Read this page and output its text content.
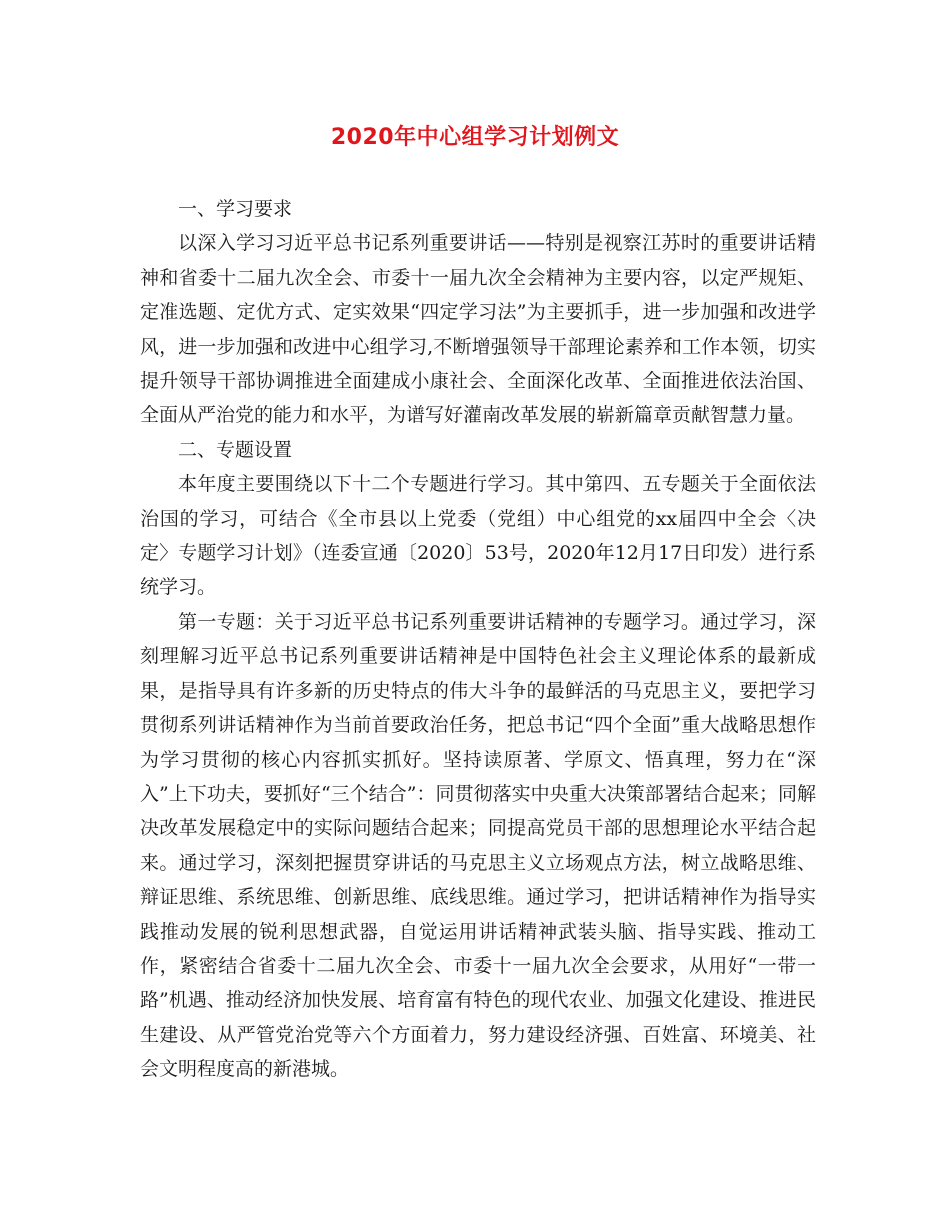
2020年中心组学习计划例文

一、学习要求

以深入学习习近平总书记系列重要讲话——特别是视察江苏时的重要讲话精神和省委十二届九次全会、市委十一届九次全会精神为主要内容，以定严规矩、定准选题、定优方式、定实效果“四定学习法”为主要抓手，进一步加强和改进学风，进一步加强和改进中心组学习,不断增强领导干部理论素养和工作本领，切实提升领导干部协调推进全面建成小康社会、全面深化改革、全面推进依法治国、全面从严治党的能力和水平，为谱写好灌南改革发展的崭新篇章贡献智慧力量。

二、专题设置

本年度主要围绕以下十二个专题进行学习。其中第四、五专题关于全面依法治国的学习，可结合《全市县以上党委（党组）中心组党的xx届四中全会〈决定〉专题学习计划》（连委宣通〔2020〕53号，2020年12月17日印发）进行系统学习。

第一专题：关于习近平总书记系列重要讲话精神的专题学习。通过学习，深刻理解习近平总书记系列重要讲话精神是中国特色社会主义理论体系的最新成果，是指导具有许多新的历史特点的伟大斗争的最鲜活的马克思主义，要把学习贯彻系列讲话精神作为当前首要政治任务，把总书记“四个全面”重大战略思想作为学习贯彻的核心内容抓实抓好。坚持读原著、学原文、悟真理，努力在“深入”上下功夫，要抓好“三个结合”：同贯彻落实中央重大决策部署结合起来；同解决改革发展稳定中的实际问题结合起来；同提高党员干部的思想理论水平结合起来。通过学习，深刻把握贯穿讲话的马克思主义立场观点方法，树立战略思维、辩证思维、系统思维、创新思维、底线思维。通过学习，把讲话精神作为指导实践推动发展的锐利思想武器，自觉运用讲话精神武装头脑、指导实践、推动工作，紧密结合省委十二届九次全会、市委十一届九次全会要求，从用好“一带一路”机遇、推动经济加快发展、培育富有特色的现代农业、加强文化建设、推进民生建设、从严管党治党等六个方面着力，努力建设经济强、百姓富、环境美、社会文明程度高的新港城。
